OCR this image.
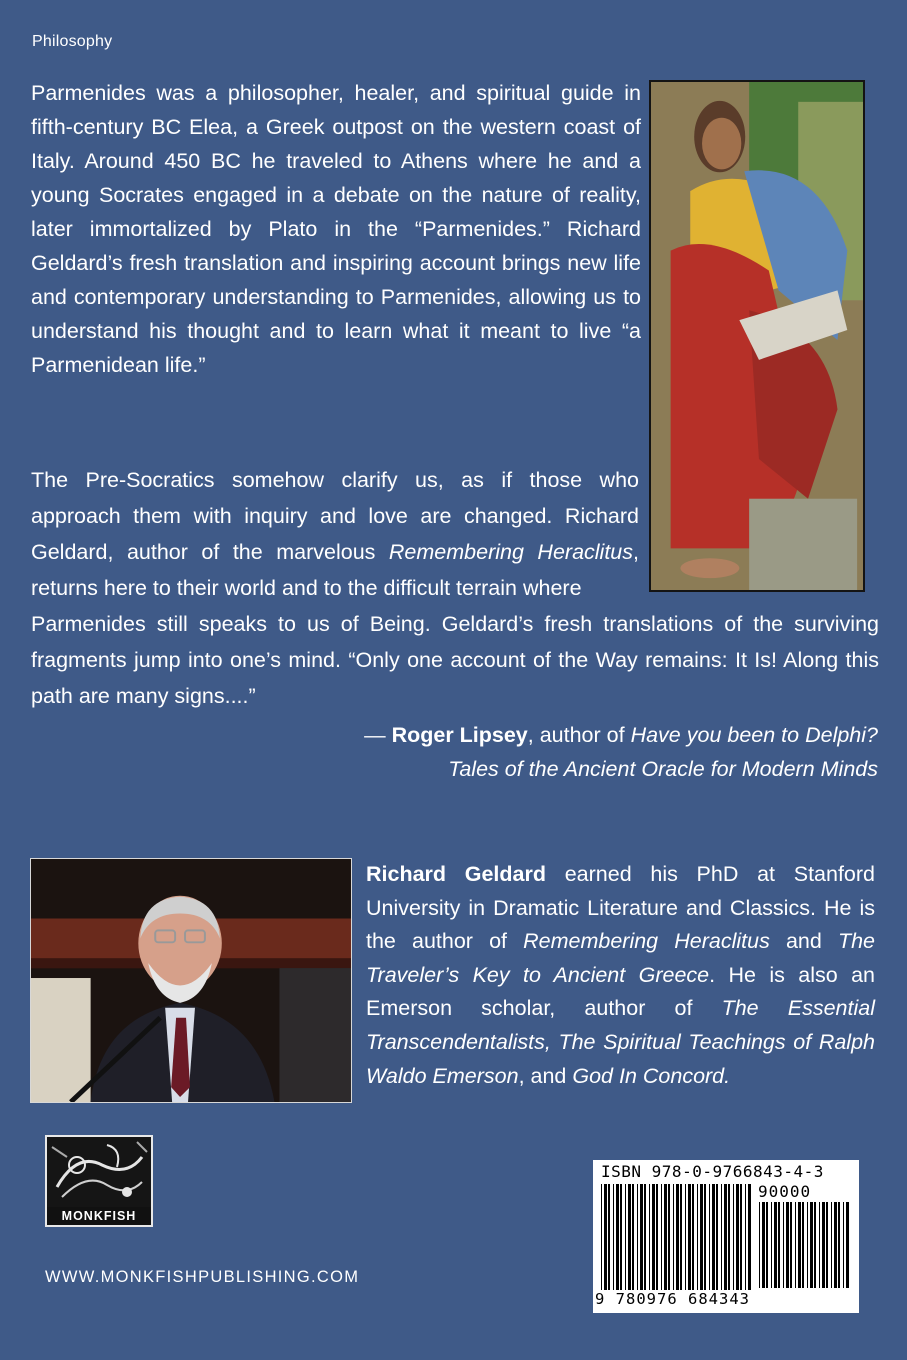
Philosophy
Parmenides was a philosopher, healer, and spiritual guide in fifth-century BC Elea, a Greek outpost on the western coast of Italy. Around 450 BC he traveled to Athens where he and a young Socrates engaged in a debate on the nature of reality, later immortalized by Plato in the “Parmenides.” Richard Geldard’s fresh translation and inspiring account brings new life and contemporary understanding to Parmenides, allowing us to understand his thought and to learn what it meant to live “a Parmenidean life.”
The Pre-Socratics somehow clarify us, as if those who approach them with inquiry and love are changed. Richard Geldard, author of the marvelous Remembering Heraclitus, returns here to their world and to the difficult terrain where
Parmenides still speaks to us of Being. Geldard’s fresh translations of the surviving fragments jump into one’s mind. “Only one account of the Way remains: It Is! Along this path are many signs....”
— Roger Lipsey, author of Have you been to Delphi?
Tales of the Ancient Oracle for Modern Minds
Richard Geldard earned his PhD at Stanford University in Dramatic Literature and Classics. He is the author of Remembering Heraclitus and The Traveler’s Key to Ancient Greece. He is also an Emerson scholar, author of The Essential Transcendentalists, The Spiritual Teachings of Ralph Waldo Emerson, and God In Concord.
MONKFISH
WWW.MONKFISHPUBLISHING.COM
ISBN 978-0-9766843-4-3
90000
9 780976 684343
